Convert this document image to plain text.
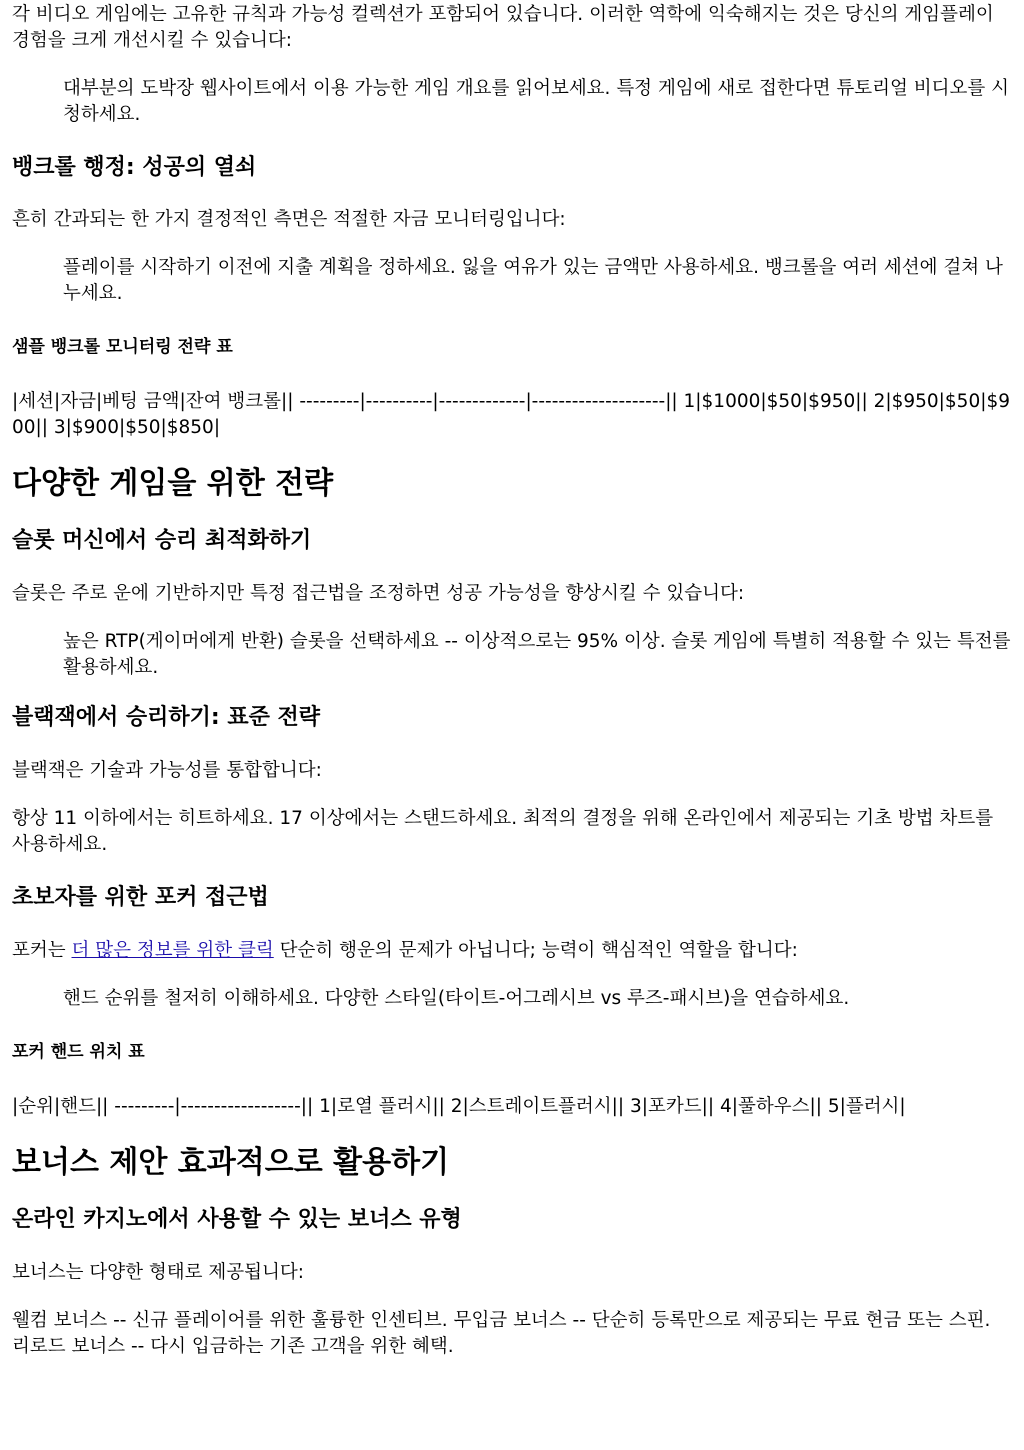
각 비디오 게임에는 고유한 규칙과 가능성 컬렉션가 포함되어 있습니다. 이러한 역학에 익숙해지는 것은 당신의 게임플레이 경험을 크게 개선시킬 수 있습니다:

대부분의 도박장 웹사이트에서 이용 가능한 게임 개요를 읽어보세요. 특정 게임에 새로 접한다면 튜토리얼 비디오를 시청하세요.
뱅크롤 행정: 성공의 열쇠

흔히 간과되는 한 가지 결정적인 측면은 적절한 자금 모니터링입니다:

플레이를 시작하기 이전에 지출 계획을 정하세요. 잃을 여유가 있는 금액만 사용하세요. 뱅크롤을 여러 세션에 걸쳐 나누세요.
샘플 뱅크롤 모니터링 전략 표

|세션|자금|베팅 금액|잔여 뱅크롤|| ---------|----------|-------------|--------------------|| 1|$1000|$50|$950|| 2|$950|$50|$900|| 3|$900|$50|$850|

다양한 게임을 위한 전략
슬롯 머신에서 승리 최적화하기

슬롯은 주로 운에 기반하지만 특정 접근법을 조정하면 성공 가능성을 향상시킬 수 있습니다:

높은 RTP(게이머에게 반환) 슬롯을 선택하세요 -- 이상적으로는 95% 이상. 슬롯 게임에 특별히 적용할 수 있는 특전를 활용하세요.
블랙잭에서 승리하기: 표준 전략

블랙잭은 기술과 가능성를 통합합니다:

항상 11 이하에서는 히트하세요. 17 이상에서는 스탠드하세요. 최적의 결정을 위해 온라인에서 제공되는 기초 방법 차트를 사용하세요.

초보자를 위한 포커 접근법

포커는 더 많은 정보를 위한 클릭 단순히 행운의 문제가 아닙니다; 능력이 핵심적인 역할을 합니다:

핸드 순위를 철저히 이해하세요. 다양한 스타일(타이트-어그레시브 vs 루즈-패시브)을 연습하세요.
포커 핸드 위치 표

|순위|핸드|| ---------|------------------|| 1|로열 플러시|| 2|스트레이트플러시|| 3|포카드|| 4|풀하우스|| 5|플러시|

보너스 제안 효과적으로 활용하기
온라인 카지노에서 사용할 수 있는 보너스 유형

보너스는 다양한 형태로 제공됩니다:

웰컴 보너스 -- 신규 플레이어를 위한 훌륭한 인센티브. 무입금 보너스 -- 단순히 등록만으로 제공되는 무료 현금 또는 스핀. 리로드 보너스 -- 다시 입금하는 기존 고객을 위한 혜택.
